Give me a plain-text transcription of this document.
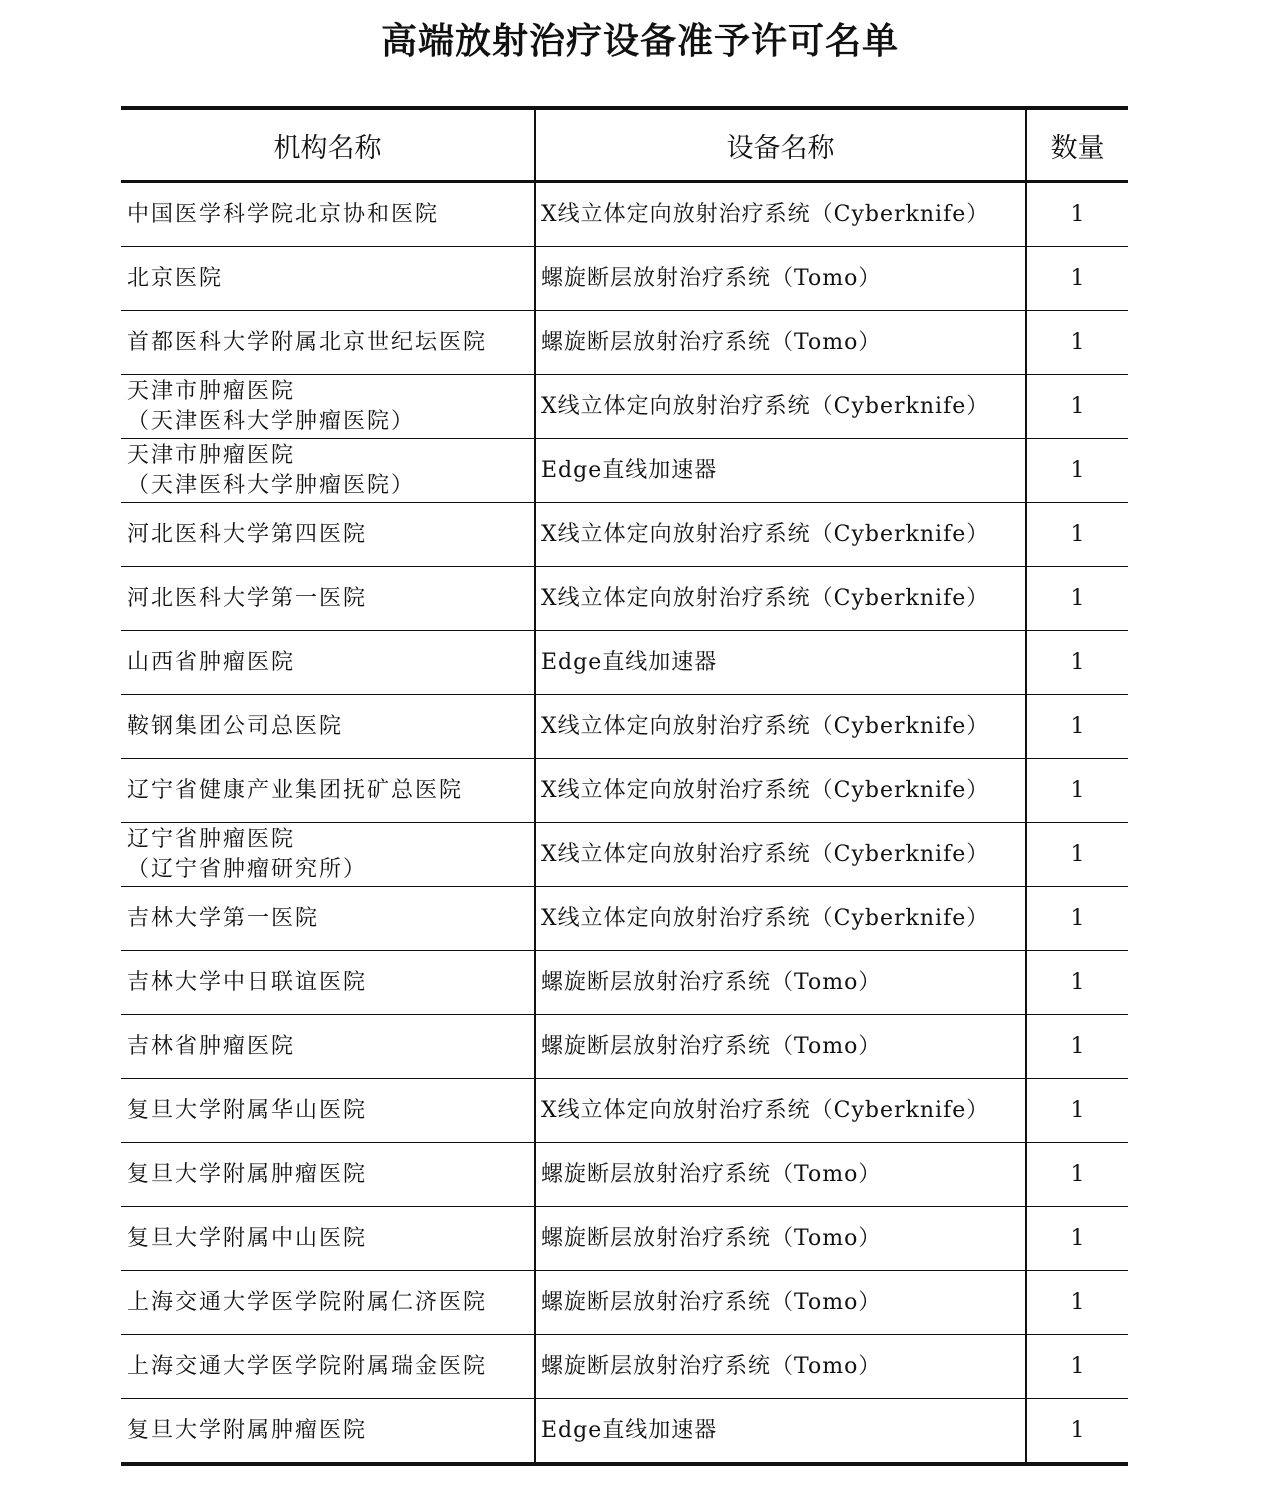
高端放射治疗设备准予许可名单
机构名称	设备名称	数量

中国医学科学院北京协和医院	X线立体定向放射治疗系统（Cyberknife）	1

北京医院	螺旋断层放射治疗系统（Tomo）	1

首都医科大学附属北京世纪坛医院	螺旋断层放射治疗系统（Tomo）	1

天津市肿瘤医院
（天津医科大学肿瘤医院）	X线立体定向放射治疗系统（Cyberknife）	1

天津市肿瘤医院
（天津医科大学肿瘤医院）	Edge直线加速器	1

河北医科大学第四医院	X线立体定向放射治疗系统（Cyberknife）	1

河北医科大学第一医院	X线立体定向放射治疗系统（Cyberknife）	1

山西省肿瘤医院	Edge直线加速器	1

鞍钢集团公司总医院	X线立体定向放射治疗系统（Cyberknife）	1

辽宁省健康产业集团抚矿总医院	X线立体定向放射治疗系统（Cyberknife）	1

辽宁省肿瘤医院
（辽宁省肿瘤研究所）	X线立体定向放射治疗系统（Cyberknife）	1

吉林大学第一医院	X线立体定向放射治疗系统（Cyberknife）	1

吉林大学中日联谊医院	螺旋断层放射治疗系统（Tomo）	1

吉林省肿瘤医院	螺旋断层放射治疗系统（Tomo）	1

复旦大学附属华山医院	X线立体定向放射治疗系统（Cyberknife）	1

复旦大学附属肿瘤医院	螺旋断层放射治疗系统（Tomo）	1

复旦大学附属中山医院	螺旋断层放射治疗系统（Tomo）	1

上海交通大学医学院附属仁济医院	螺旋断层放射治疗系统（Tomo）	1

上海交通大学医学院附属瑞金医院	螺旋断层放射治疗系统（Tomo）	1

复旦大学附属肿瘤医院	Edge直线加速器	1
